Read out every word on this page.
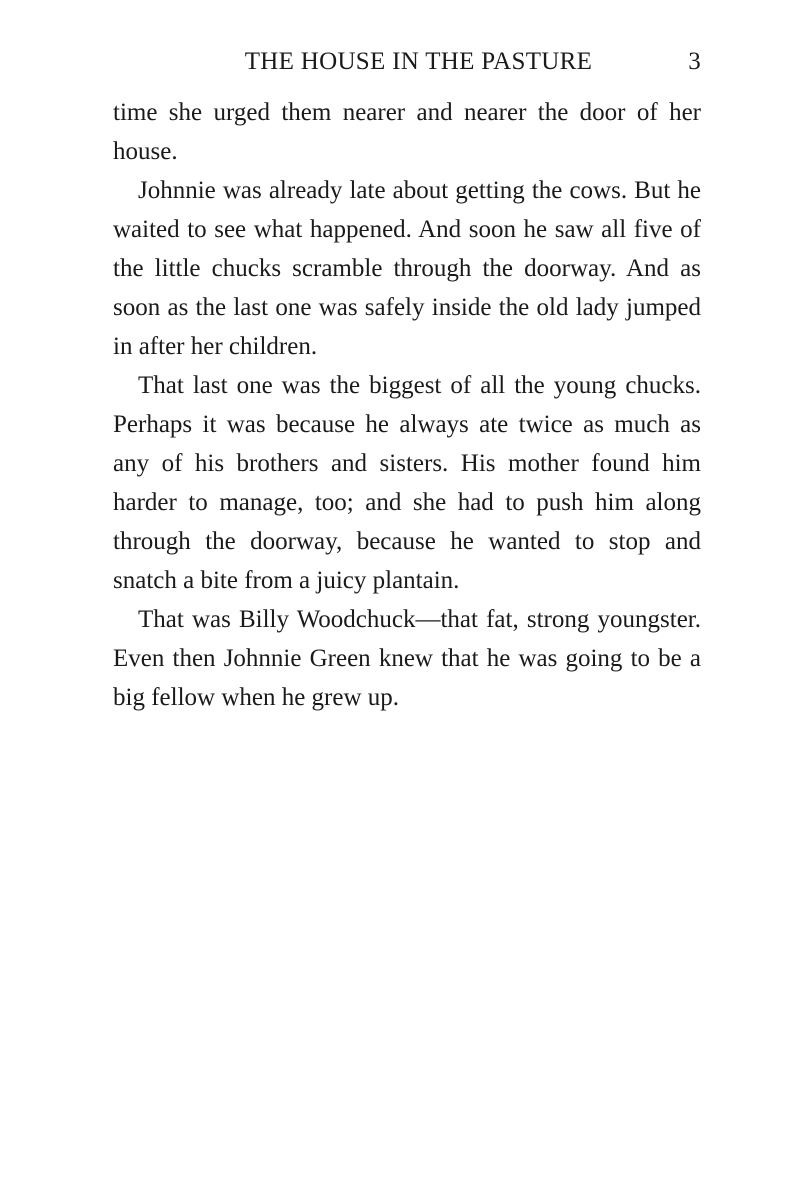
THE HOUSE IN THE PASTURE	3

time she urged them nearer and nearer the door of her house.

Johnnie was already late about getting the cows. But he waited to see what happened. And soon he saw all five of the little chucks scramble through the doorway. And as soon as the last one was safely inside the old lady jumped in after her children.

That last one was the biggest of all the young chucks. Perhaps it was because he always ate twice as much as any of his brothers and sisters. His mother found him harder to manage, too; and she had to push him along through the doorway, because he wanted to stop and snatch a bite from a juicy plantain.

That was Billy Woodchuck—that fat, strong youngster. Even then Johnnie Green knew that he was going to be a big fellow when he grew up.
